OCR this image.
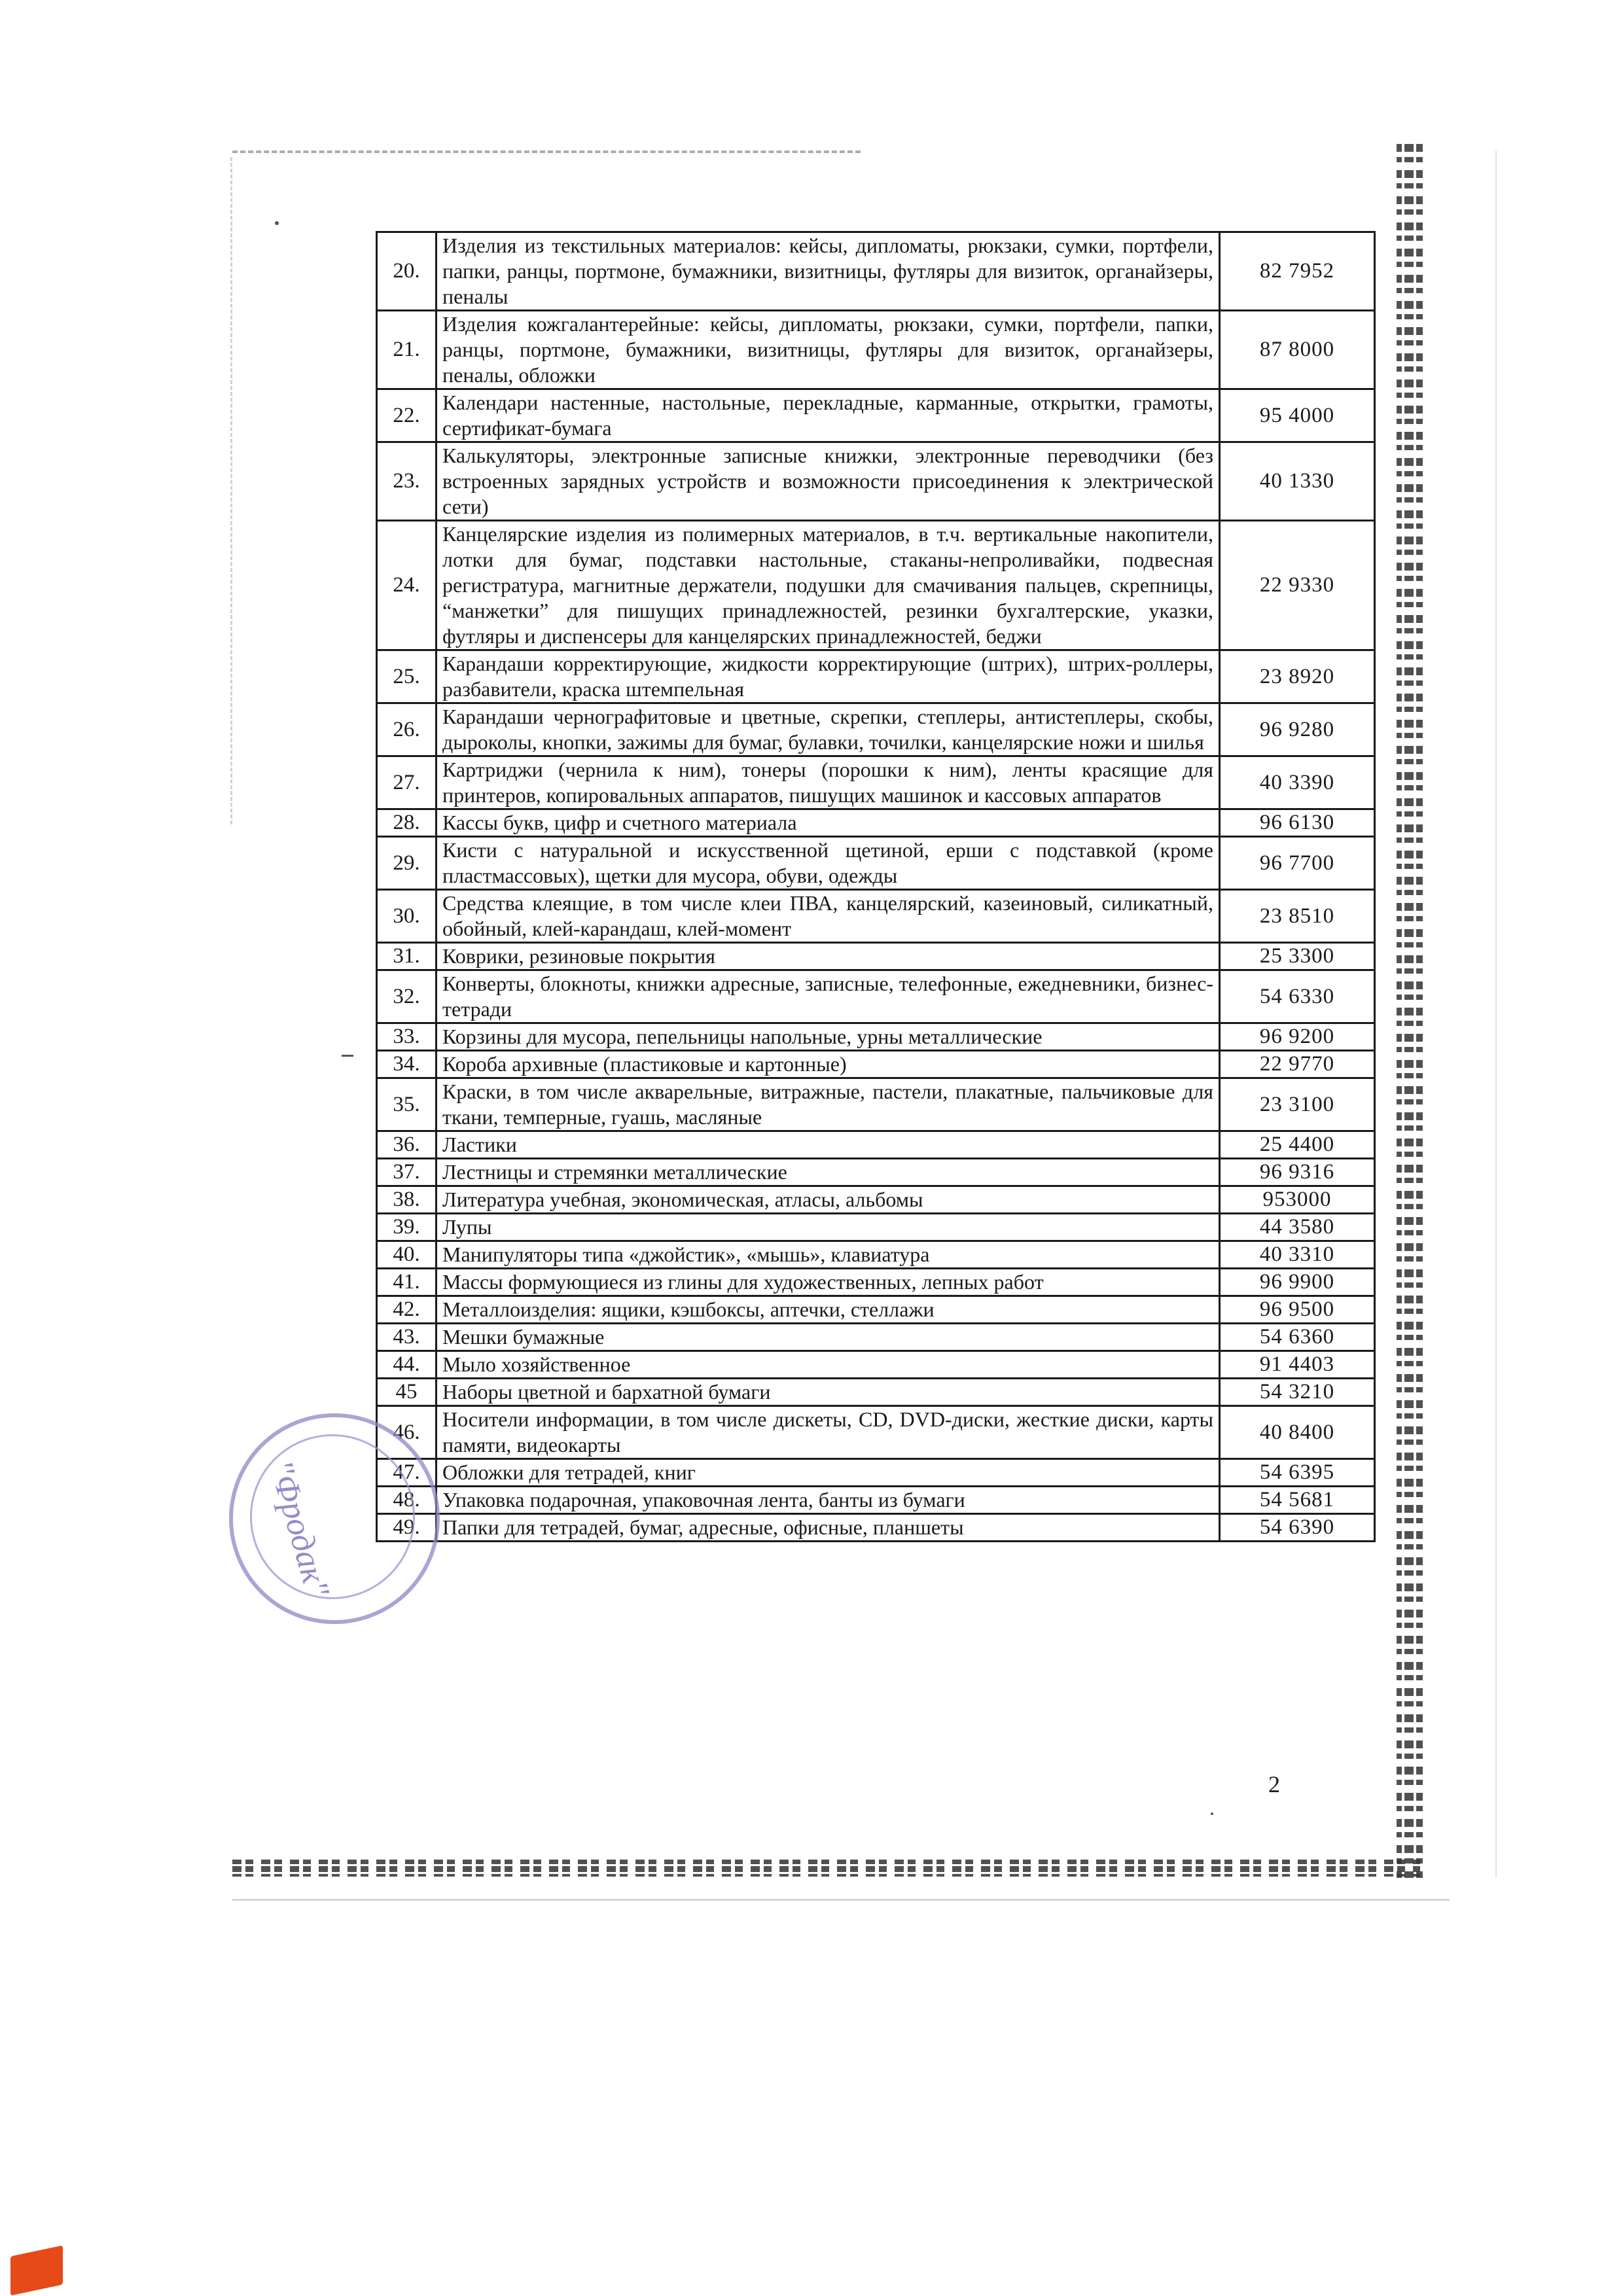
20.	Изделия из текстильных материалов: кейсы, дипломаты, рюкзаки, сумки, портфели, папки, ранцы, портмоне, бумажники, визитницы, футляры для визиток, органайзеры, пеналы	82 7952
21.	Изделия кожгалантерейные: кейсы, дипломаты, рюкзаки, сумки, портфели, папки, ранцы, портмоне, бумажники, визитницы, футляры для визиток, органайзеры, пеналы, обложки	87 8000
22.	Календари настенные, настольные, перекладные, карманные, открытки, грамоты, сертификат-бумага	95 4000
23.	Калькуляторы, электронные записные книжки, электронные переводчики (без встроенных зарядных устройств и возможности присоединения к электрической сети)	40 1330
24.	Канцелярские изделия из полимерных материалов, в т.ч. вертикальные накопители, лотки для бумаг, подставки настольные, стаканы-непроливайки, подвесная регистратура, магнитные держатели, подушки для смачивания пальцев, скрепницы, “манжетки” для пишущих принадлежностей, резинки бухгалтерские, указки, футляры и диспенсеры для канцелярских принадлежностей, беджи	22 9330
25.	Карандаши корректирующие, жидкости корректирующие (штрих), штрих-роллеры, разбавители, краска штемпельная	23 8920
26.	Карандаши чернографитовые и цветные, скрепки, степлеры, антистеплеры, скобы, дыроколы, кнопки, зажимы для бумаг, булавки, точилки, канцелярские ножи и шилья	96 9280
27.	Картриджи (чернила к ним), тонеры (порошки к ним), ленты красящие для принтеров, копировальных аппаратов, пишущих машинок и кассовых аппаратов	40 3390
28.	Кассы букв, цифр и счетного материала	96 6130
29.	Кисти с натуральной и искусственной щетиной, ерши с подставкой (кроме пластмассовых), щетки для мусора, обуви, одежды	96 7700
30.	Средства клеящие, в том числе клеи ПВА, канцелярский, казеиновый, силикатный, обойный, клей-карандаш, клей-момент	23 8510
31.	Коврики, резиновые покрытия	25 3300
32.	Конверты, блокноты, книжки адресные, записные, телефонные, ежедневники, бизнес-тетради	54 6330
33.	Корзины для мусора, пепельницы напольные, урны металлические	96 9200
34.	Короба архивные (пластиковые и картонные)	22 9770
35.	Краски, в том числе акварельные, витражные, пастели, плакатные, пальчиковые для ткани, темперные, гуашь, масляные	23 3100
36.	Ластики	25 4400
37.	Лестницы и стремянки металлические	96 9316
38.	Литература учебная, экономическая, атласы, альбомы	953000
39.	Лупы	44 3580
40.	Манипуляторы типа «джойстик», «мышь», клавиатура	40 3310
41.	Массы формующиеся из глины для художественных, лепных работ	96 9900
42.	Металлоизделия: ящики, кэшбоксы, аптечки, стеллажи	96 9500
43.	Мешки бумажные	54 6360
44.	Мыло хозяйственное	91 4403
45	Наборы цветной и бархатной бумаги	54 3210
46.	Носители информации, в том числе дискеты, CD, DVD-диски, жесткие диски, карты памяти, видеокарты	40 8400
47.	Обложки для тетрадей, книг	54 6395
48.	Упаковка подарочная, упаковочная лента, банты из бумаги	54 5681
49.	Папки для тетрадей, бумаг, адресные, офисные, планшеты	54 6390
"Фродак"
2
